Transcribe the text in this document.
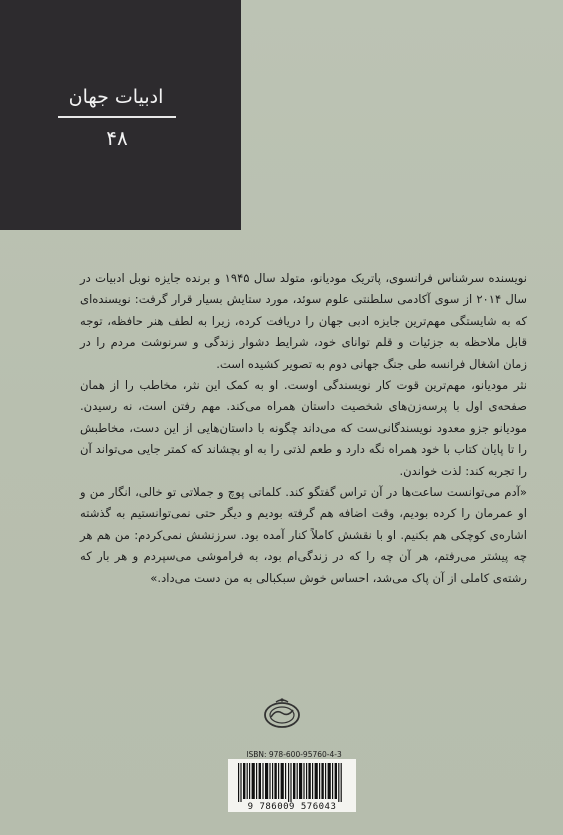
ادبیات جهان
۴۸

نویسنده سرشناس فرانسوی، پاتریک مودیانو، متولد سال ۱۹۴۵ و برنده جایزه نوبل ادبیات در سال ۲۰۱۴ از سوی آکادمی سلطنتی علوم سوئد، مورد ستایش بسیار قرار گرفت: نویسنده‌ای که به شایستگی مهم‌ترین جایزه ادبی جهان را دریافت کرده، زیرا به لطف هنر حافظه، توجه قابل ملاحظه به جزئیات و قلم توانای خود، شرایط دشوار زندگی و سرنوشت مردم را در زمان اشغال فرانسه طی جنگ جهانی دوم به تصویر کشیده است.

نثر مودیانو، مهم‌ترین قوت کار نویسندگی اوست. او به کمک این نثر، مخاطب را از همان صفحه‌ی اول با پرسه‌زن‌های شخصیت داستان همراه می‌کند. مهم رفتن است، نه رسیدن. مودیانو جزو معدود نویسندگانی‌ست که می‌داند چگونه با داستان‌هایی از این دست، مخاطبش را تا پایان کتاب با خود همراه نگه دارد و طعم لذتی را به او بچشاند که کمتر جایی می‌تواند آن را تجربه کند: لذت خواندن.

«آدم می‌توانست ساعت‌ها در آن تراس گفتگو کند. کلماتی پوچ و جملاتی تو خالی، انگار من و او عمرمان را کرده بودیم، وقت اضافه هم گرفته بودیم و دیگر حتی نمی‌توانستیم به گذشته اشاره‌ی کوچکی هم بکنیم. او با نقشش کاملاً کنار آمده بود. سرزنشش نمی‌کردم: من هم هر چه پیشتر می‌رفتم، هر آن چه را که در زندگی‌ام بود، به فراموشی می‌سپردم و هر بار که رشته‌ی کاملی از آن پاک می‌شد، احساس خوش سبکبالی به من دست می‌داد.»

ISBN: 978-600-95760-4-3
9 786009 576043
